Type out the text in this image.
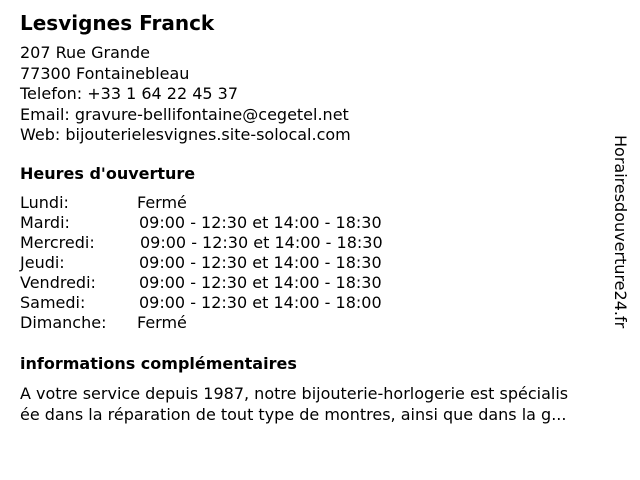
Lesvignes Franck
207 Rue Grande
77300 Fontainebleau
Telefon: +33 1 64 22 45 37
Email: gravure-bellifontaine@cegetel.net
Web: bijouterielesvignes.site-solocal.com
Heures d'ouverture
Lundi:	Fermé
Mardi:	09:00 - 12:30 et 14:00 - 18:30
Mercredi:	09:00 - 12:30 et 14:00 - 18:30
Jeudi:	09:00 - 12:30 et 14:00 - 18:30
Vendredi:	09:00 - 12:30 et 14:00 - 18:30
Samedi:	09:00 - 12:30 et 14:00 - 18:00
Dimanche: Fermé
informations complémentaires
A votre service depuis 1987, notre bijouterie-horlogerie est spécialis
ée dans la réparation de tout type de montres, ainsi que dans la g...
Horairesdouverture24.fr
